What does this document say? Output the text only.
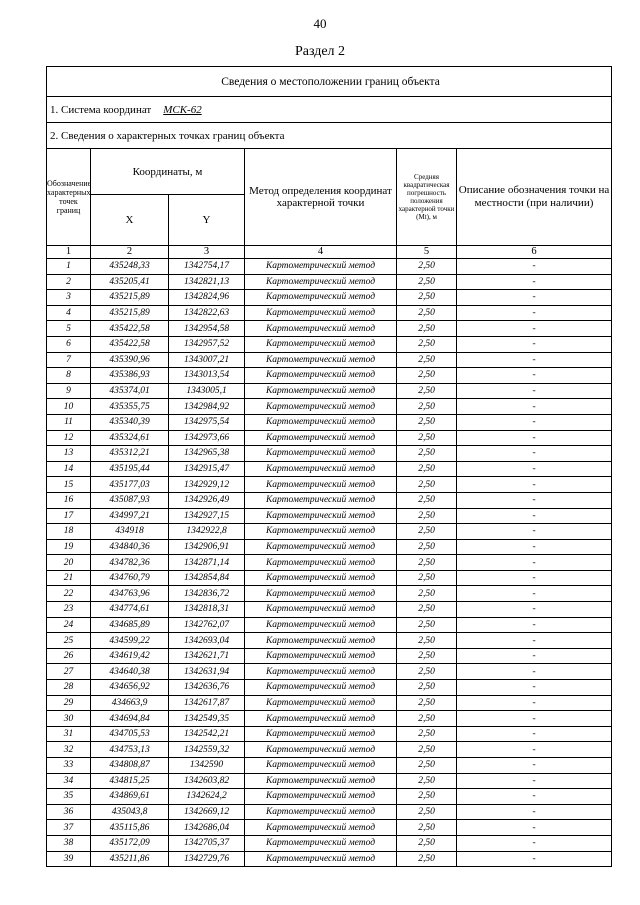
40
Раздел 2
Сведения о местоположении границ объекта					
1. Система координат МСК-62					
2. Сведения о характерных точках границ объекта					
Обозначение характерных точек границ	Координаты, м		Метод определения координат характерной точки	Средняя квадратическая погрешность положения характерной точки (Mt), м	Описание обозначения точки на местности (при наличии)
	X	Y			
1	2	3	4	5	6
1	435248,33	1342754,17	Картометрический метод	2,50	-
2	435205,41	1342821,13	Картометрический метод	2,50	-
3	435215,89	1342824,96	Картометрический метод	2,50	-
4	435215,89	1342822,63	Картометрический метод	2,50	-
5	435422,58	1342954,58	Картометрический метод	2,50	-
6	435422,58	1342957,52	Картометрический метод	2,50	-
7	435390,96	1343007,21	Картометрический метод	2,50	-
8	435386,93	1343013,54	Картометрический метод	2,50	-
9	435374,01	1343005,1	Картометрический метод	2,50	-
10	435355,75	1342984,92	Картометрический метод	2,50	-
11	435340,39	1342975,54	Картометрический метод	2,50	-
12	435324,61	1342973,66	Картометрический метод	2,50	-
13	435312,21	1342965,38	Картометрический метод	2,50	-
14	435195,44	1342915,47	Картометрический метод	2,50	-
15	435177,03	1342929,12	Картометрический метод	2,50	-
16	435087,93	1342926,49	Картометрический метод	2,50	-
17	434997,21	1342927,15	Картометрический метод	2,50	-
18	434918	1342922,8	Картометрический метод	2,50	-
19	434840,36	1342906,91	Картометрический метод	2,50	-
20	434782,36	1342871,14	Картометрический метод	2,50	-
21	434760,79	1342854,84	Картометрический метод	2,50	-
22	434763,96	1342836,72	Картометрический метод	2,50	-
23	434774,61	1342818,31	Картометрический метод	2,50	-
24	434685,89	1342762,07	Картометрический метод	2,50	-
25	434599,22	1342693,04	Картометрический метод	2,50	-
26	434619,42	1342621,71	Картометрический метод	2,50	-
27	434640,38	1342631,94	Картометрический метод	2,50	-
28	434656,92	1342636,76	Картометрический метод	2,50	-
29	434663,9	1342617,87	Картометрический метод	2,50	-
30	434694,84	1342549,35	Картометрический метод	2,50	-
31	434705,53	1342542,21	Картометрический метод	2,50	-
32	434753,13	1342559,32	Картометрический метод	2,50	-
33	434808,87	1342590	Картометрический метод	2,50	-
34	434815,25	1342603,82	Картометрический метод	2,50	-
35	434869,61	1342624,2	Картометрический метод	2,50	-
36	435043,8	1342669,12	Картометрический метод	2,50	-
37	435115,86	1342686,04	Картометрический метод	2,50	-
38	435172,09	1342705,37	Картометрический метод	2,50	-
39	435211,86	1342729,76	Картометрический метод	2,50	-
